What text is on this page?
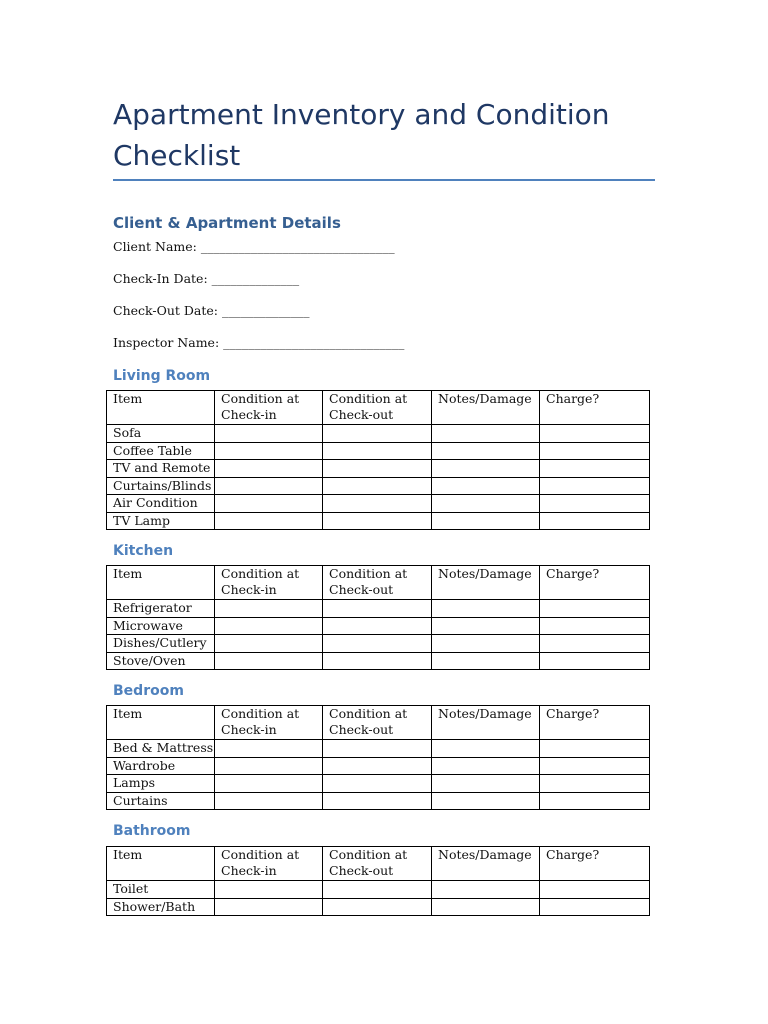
Apartment Inventory and Condition Checklist
Client & Apartment Details
Client Name: _______________________________
Check-In Date: ______________
Check-Out Date: ______________
Inspector Name: _____________________________
Living Room
Item	Condition at Check-in	Condition at Check-out	Notes/Damage	Charge?
Sofa				
Coffee Table				
TV and Remote				
Curtains/Blinds				
Air Condition				
TV Lamp				
Kitchen
Item	Condition at Check-in	Condition at Check-out	Notes/Damage	Charge?
Refrigerator				
Microwave				
Dishes/Cutlery				
Stove/Oven				
Bedroom
Item	Condition at Check-in	Condition at Check-out	Notes/Damage	Charge?
Bed & Mattress				
Wardrobe				
Lamps				
Curtains				
Bathroom
Item	Condition at Check-in	Condition at Check-out	Notes/Damage	Charge?
Toilet				
Shower/Bath				
